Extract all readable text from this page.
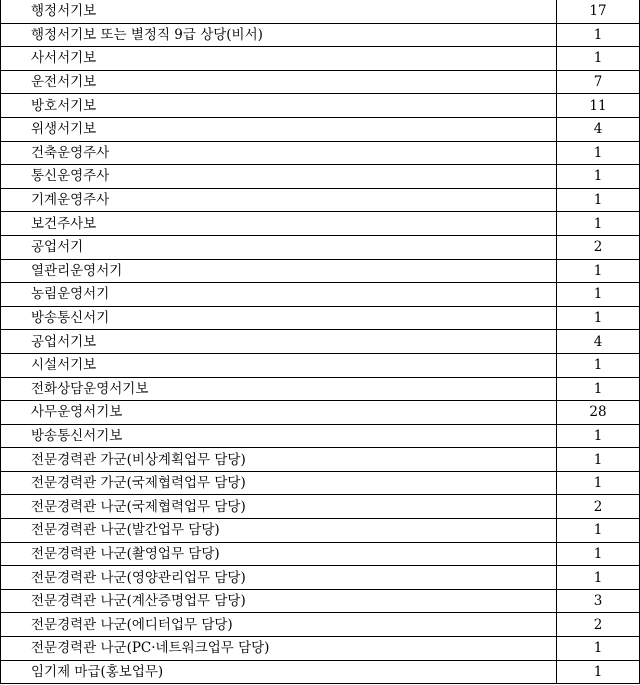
행정서기보	17
행정서기보 또는 별정직 9급 상당(비서)	1
사서서기보	1
운전서기보	7
방호서기보	11
위생서기보	4
건축운영주사	1
통신운영주사	1
기계운영주사	1
보건주사보	1
공업서기	2
열관리운영서기	1
농림운영서기	1
방송통신서기	1
공업서기보	4
시설서기보	1
전화상담운영서기보	1
사무운영서기보	28
방송통신서기보	1
전문경력관 가군(비상계획업무 담당)	1
전문경력관 가군(국제협력업무 담당)	1
전문경력관 나군(국제협력업무 담당)	2
전문경력관 나군(발간업무 담당)	1
전문경력관 나군(촬영업무 담당)	1
전문경력관 나군(영양관리업무 담당)	1
전문경력관 나군(계산증명업무 담당)	3
전문경력관 나군(에디터업무 담당)	2
전문경력관 나군(PC·네트워크업무 담당)	1
임기제 마급(홍보업무)	1
